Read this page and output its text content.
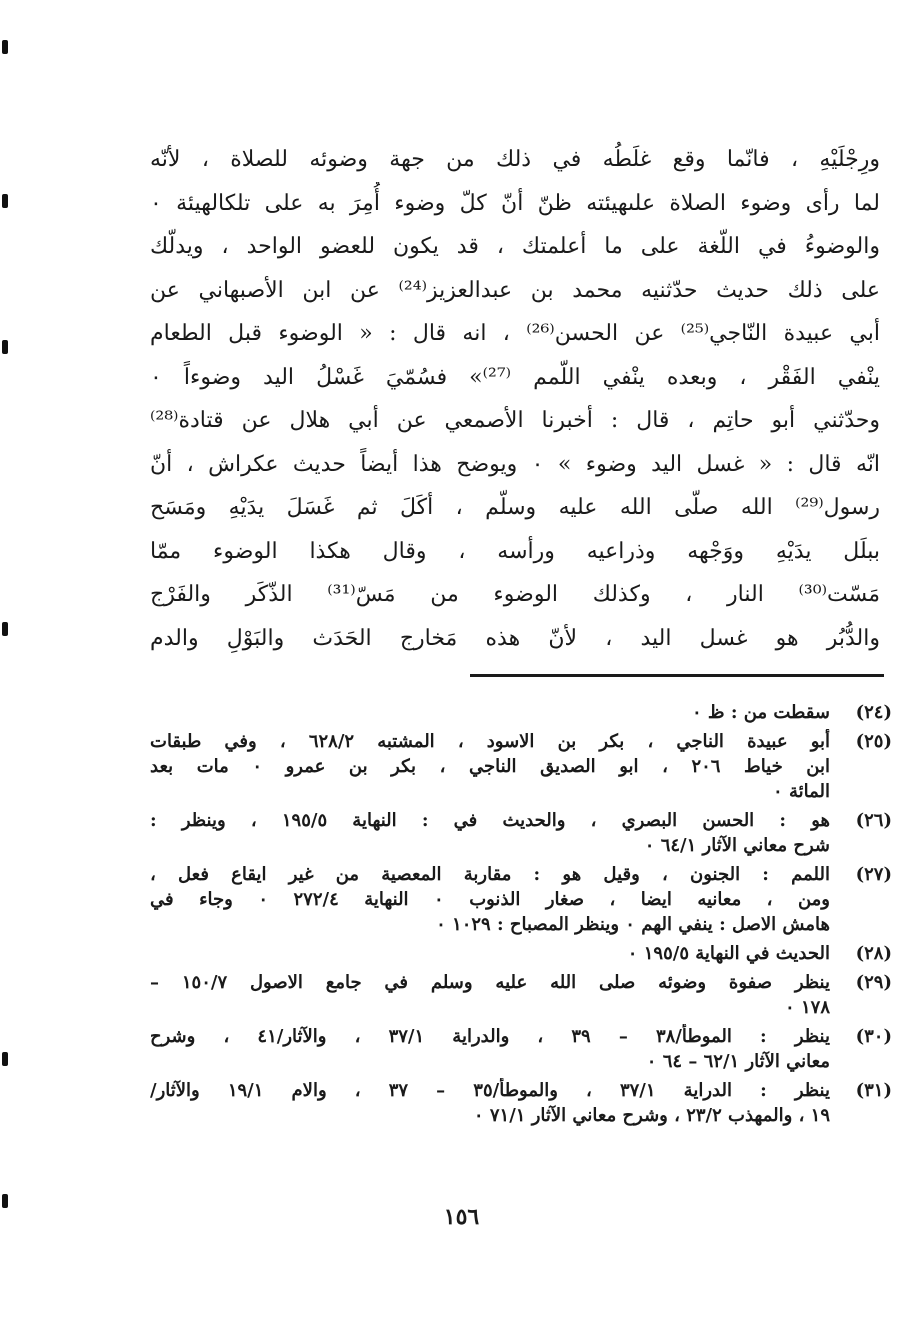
ورِجْلَيْهِ ، فانّما وقع غلَطُه في ذلك من جهة وضوئه للصلاة ، لأنّه
لما رأى وضوء الصلاة علىهيئته ظنّ أنّ كلّ وضوء أُمِرَ به على تلكالهيئة ٠
والوضوءُ في اللّغة على ما أعلمتك ، قد يكون للعضو الواحد ، ويدلّك
على ذلك حديث حدّثنيه محمد بن عبدالعزيز⁽²⁴⁾ عن ابن الأصبهاني عن
أبي عبيدة النّاجي⁽²⁵⁾ عن الحسن⁽²⁶⁾ ، انه قال : « الوضوء قبل الطعام
ينْفي الفَقْر ، وبعده ينْفي اللّمم ⁽²⁷⁾» فسُمّيَ غَسْلُ اليد وضوءاً ٠
وحدّثني أبو حاتِم ، قال : أخبرنا الأصمعي عن أبي هلال عن قتادة⁽²⁸⁾
انّه قال : « غسل اليد وضوء » ٠ ويوضح هذا أيضاً حديث عكراش ، أنّ
رسول⁽²⁹⁾ الله صلّى الله عليه وسلّم ، أكَلَ ثم غَسَلَ يدَيْهِ ومَسَح
ببلَل يدَيْهِ ووَجْهه وذراعيه ورأسه ، وقال هكذا الوضوء ممّا
مَسّت⁽³⁰⁾ النار ، وكذلك الوضوء من مَسّ⁽³¹⁾ الذّكَر والفَرْج
والدُّبُر هو غسل اليد ، لأنّ هذه مَخارج الحَدَث والبَوْلِ والدم
(٢٤)
سقطت من : ظ ٠
(٢٥)
أبو عبيدة الناجي ، بكر بن الاسود ، المشتبه ٦٢٨/٢ ، وفي طبقات
ابن خياط ٢٠٦ ، ابو الصديق الناجي ، بكر بن عمرو ٠ مات بعد
المائة ٠
(٢٦)
هو : الحسن البصري ، والحديث في : النهاية ١٩٥/٥ ، وينظر :
شرح معاني الآثار ٦٤/١ ٠
(٢٧)
اللمم : الجنون ، وقيل هو : مقاربة المعصية من غير ايقاع فعل ،
ومن ، معانيه ايضا ، صغار الذنوب ٠ النهاية ٢٧٢/٤ ٠ وجاء في
هامش الاصل : ينفي الهم ٠ وينظر المصباح : ١٠٢٩ ٠
(٢٨)
الحديث في النهاية ١٩٥/٥ ٠
(٢٩)
ينظر صفوة وضوئه صلى الله عليه وسلم في جامع الاصول ١٥٠/٧ –
١٧٨ ٠
(٣٠)
ينظر : الموطأ/٣٨ – ٣٩ ، والدراية ٣٧/١ ، والآثار/٤١ ، وشرح
معاني الآثار ٦٢/١ – ٦٤ ٠
(٣١)
ينظر : الدراية ٣٧/١ ، والموطأ/٣٥ – ٣٧ ، والام ١٩/١ والآثار/
١٩ ، والمهذب ٢٣/٢ ، وشرح معاني الآثار ٧١/١ ٠
١٥٦
